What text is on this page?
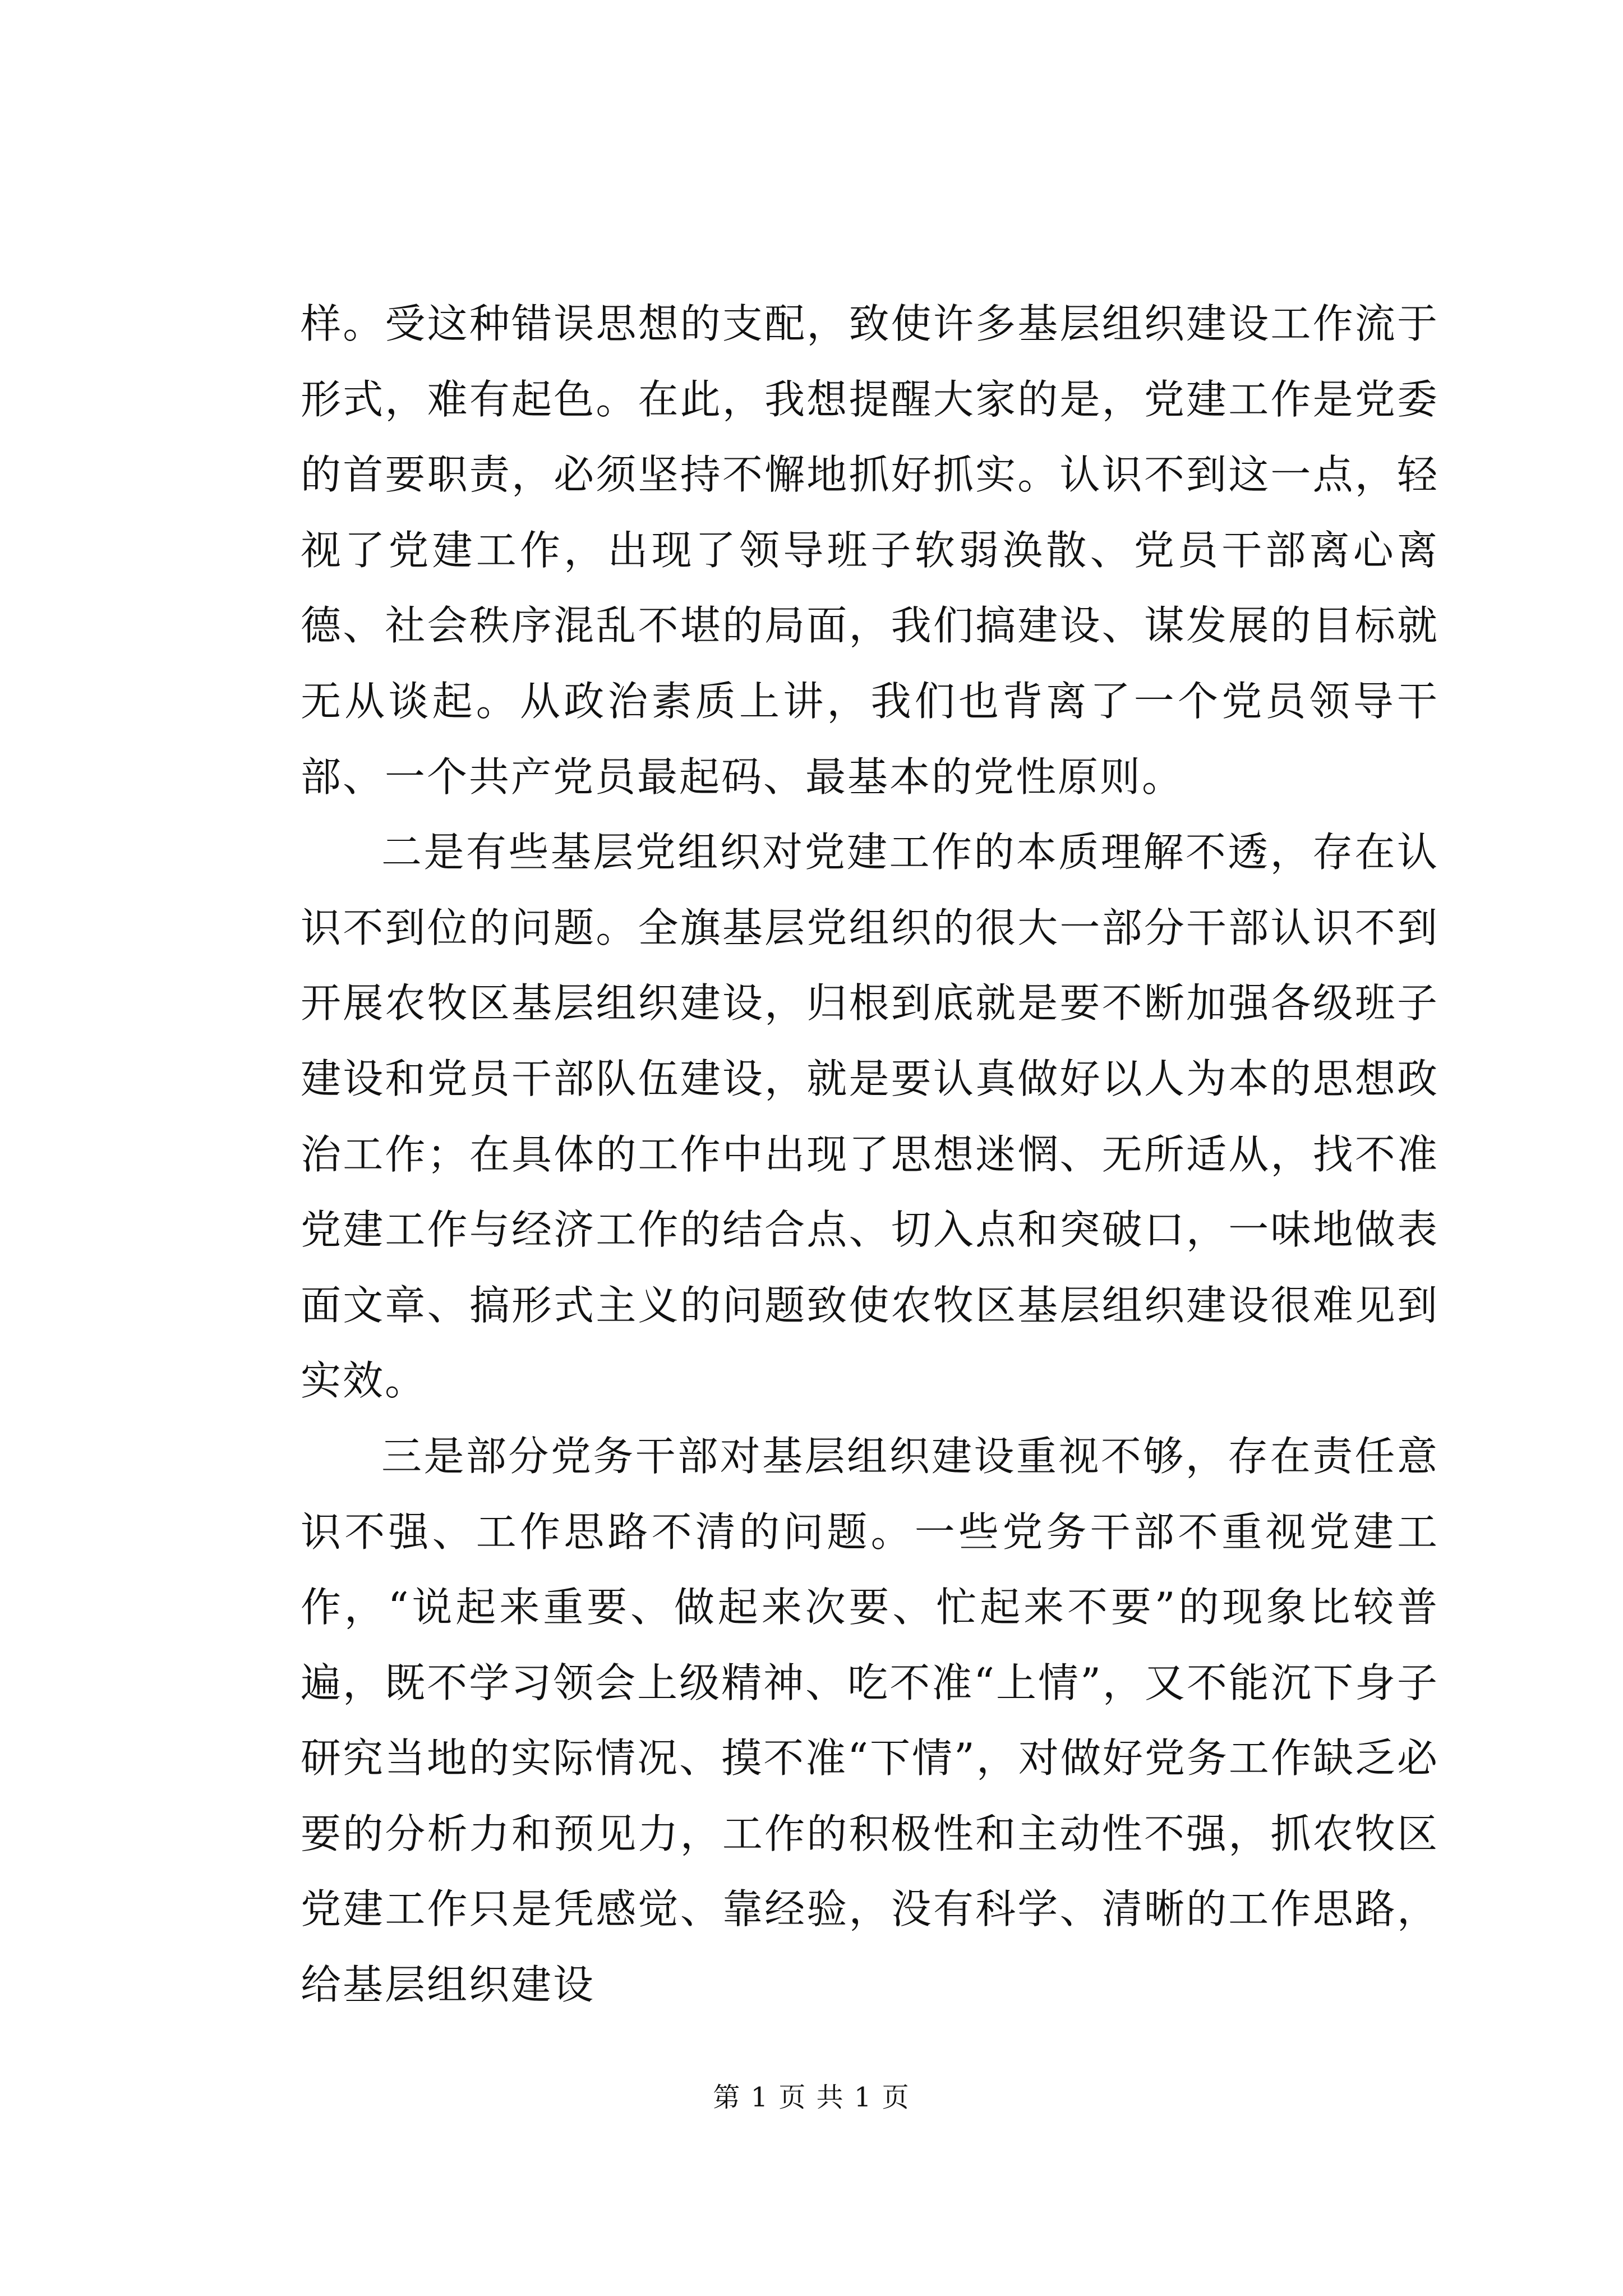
样。受这种错误思想的支配，致使许多基层组织建设工作流于形式，难有起色。在此，我想提醒大家的是，党建工作是党委的首要职责，必须坚持不懈地抓好抓实。认识不到这一点，轻视了党建工作，出现了领导班子软弱涣散、党员干部离心离德、社会秩序混乱不堪的局面，我们搞建设、谋发展的目标就无从谈起。从政治素质上讲，我们也背离了一个党员领导干部、一个共产党员最起码、最基本的党性原则。

二是有些基层党组织对党建工作的本质理解不透，存在认识不到位的问题。全旗基层党组织的很大一部分干部认识不到开展农牧区基层组织建设，归根到底就是要不断加强各级班子建设和党员干部队伍建设，就是要认真做好以人为本的思想政治工作；在具体的工作中出现了思想迷惘、无所适从，找不准党建工作与经济工作的结合点、切入点和突破口，一味地做表面文章、搞形式主义的问题致使农牧区基层组织建设很难见到实效。

三是部分党务干部对基层组织建设重视不够，存在责任意识不强、工作思路不清的问题。一些党务干部不重视党建工作，“说起来重要、做起来次要、忙起来不要”的现象比较普遍，既不学习领会上级精神、吃不准“上情”，又不能沉下身子研究当地的实际情况、摸不准“下情”，对做好党务工作缺乏必要的分析力和预见力，工作的积极性和主动性不强，抓农牧区党建工作只是凭感觉、靠经验，没有科学、清晰的工作思路，给基层组织建设

第 1 页 共 1 页
